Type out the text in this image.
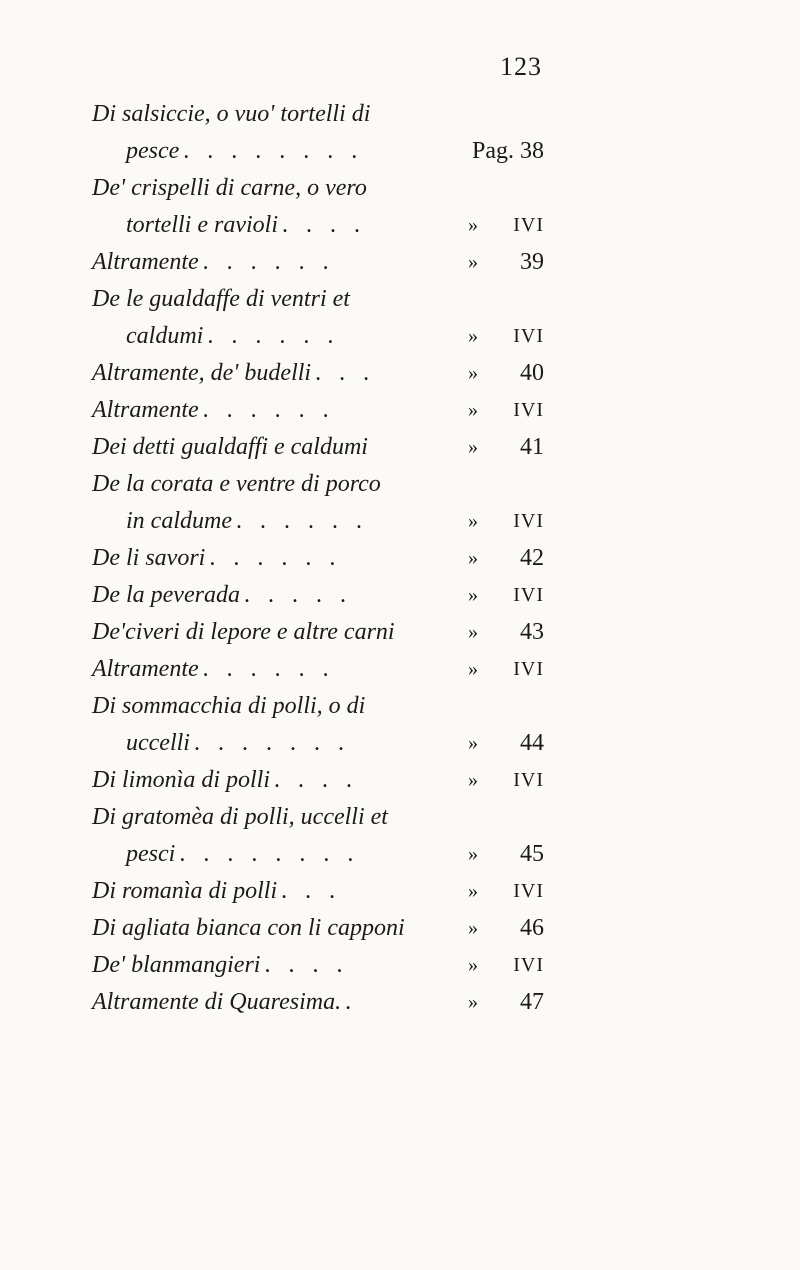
123
Di salsiccie, o vuo' tortelli di
pesce . . . . . . . .	Pag. 38
De' crispelli di carne, o vero
tortelli e ravioli . . . .	»	IVI
Altramente . . . . . .	»	39
De le gualdaffe di ventri et
caldumi . . . . . .	»	IVI
Altramente, de' budelli . . .	»	40
Altramente . . . . . .	»	IVI
Dei detti gualdaffi e caldumi	»	41
De la corata e ventre di porco
in caldume . . . . . .	»	IVI
De li savori . . . . . .	»	42
De la peverada . . . . .	»	IVI
De'civeri di lepore e altre carni	»	43
Altramente . . . . . .	»	IVI
Di sommacchia di polli, o di
uccelli . . . . . . .	»	44
Di limonìa di polli . . . .	»	IVI
Di gratomèa di polli, uccelli et
pesci . . . . . . . .	»	45
Di romanìa di polli . . .	»	IVI
Di agliata bianca con li capponi	»	46
De' blanmangieri . . . .	»	IVI
Altramente di Quaresima. .	»	47
